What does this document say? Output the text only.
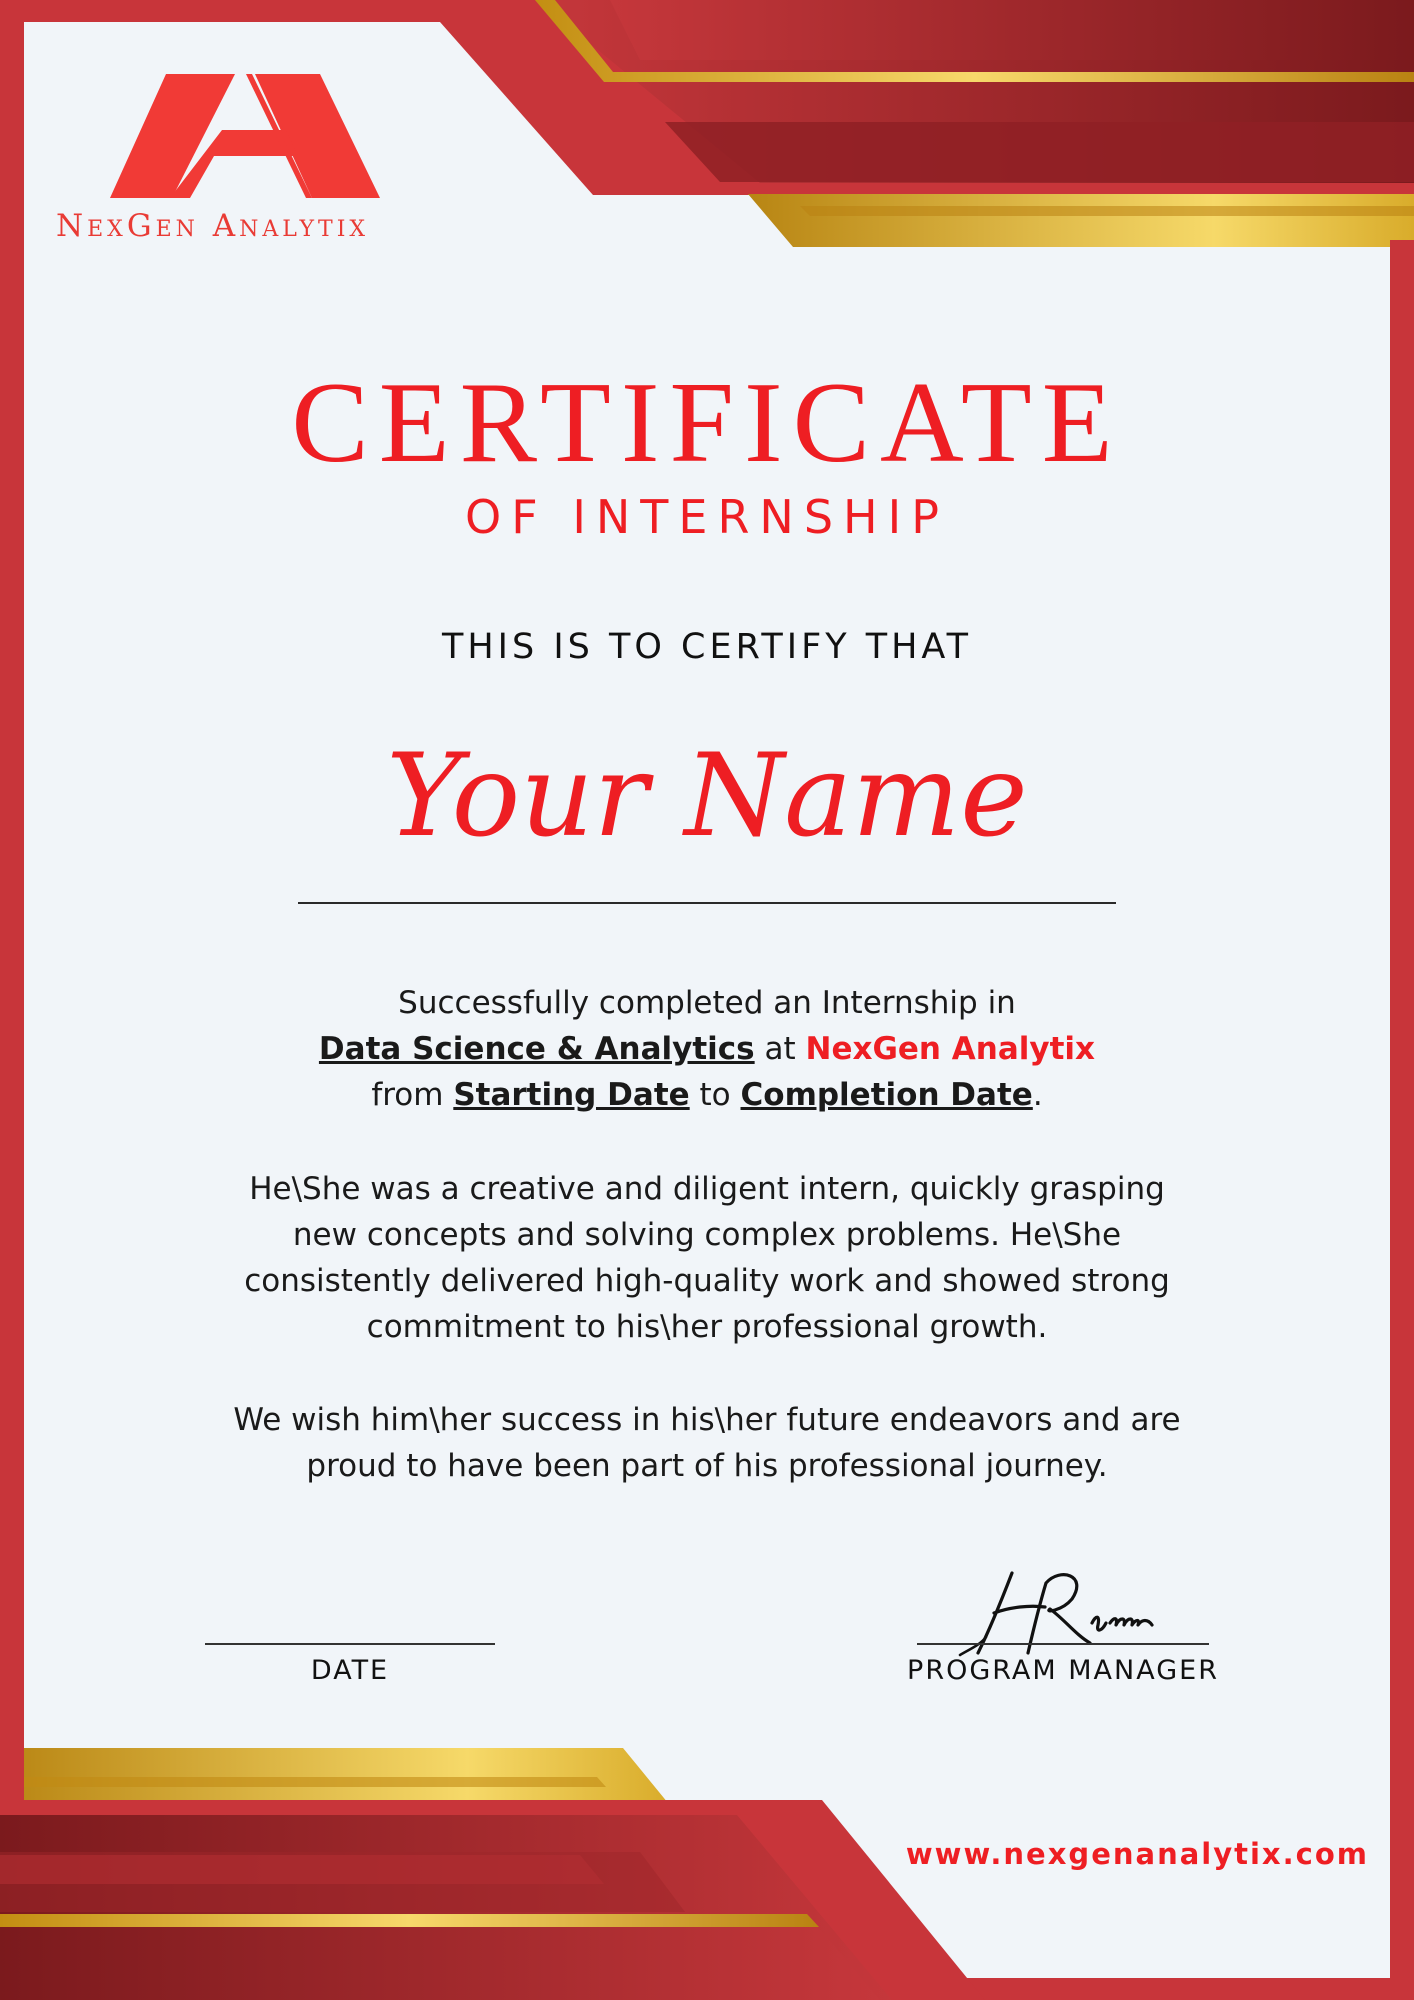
NexGen Analytix
CERTIFICATE
OF INTERNSHIP
THIS IS TO CERTIFY THAT
Your Name
Successfully completed an Internship in
Data Science & Analytics at NexGen Analytix
from Starting Date to Completion Date.
He\She was a creative and diligent intern, quickly grasping
new concepts and solving complex problems. He\She
consistently delivered high-quality work and showed strong
commitment to his\her professional growth.
We wish him\her success in his\her future endeavors and are
proud to have been part of his professional journey.
DATE	PROGRAM MANAGER
www.nexgenanalytix.com
